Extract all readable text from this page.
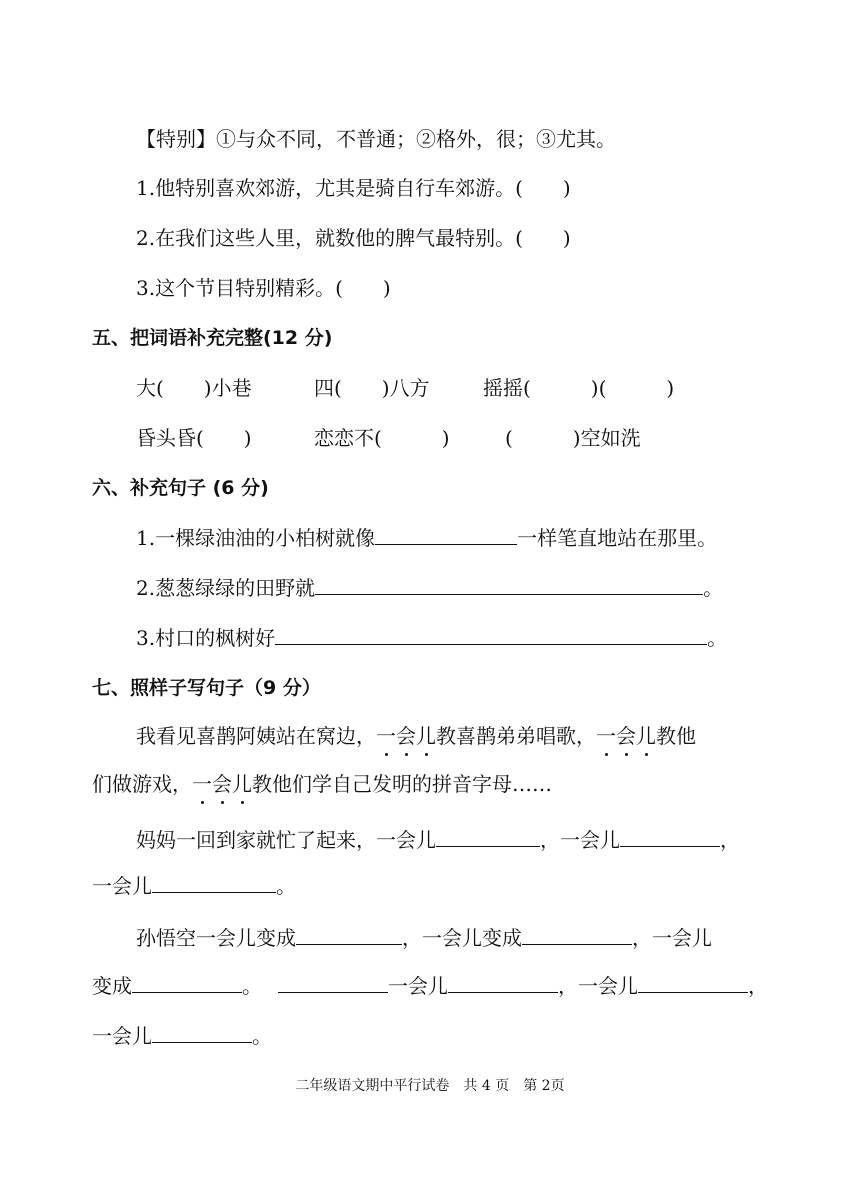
【特别】①与众不同，不普通；②格外，很；③尤其。
1.他特别喜欢郊游，尤其是骑自行车郊游。(　　)
2.在我们这些人里，就数他的脾气最特别。(　　)
3.这个节目特别精彩。(　　)
五、把词语补充完整(12 分)
大(　　)小巷	四(　　)八方	摇摇(　　　)(　　　)
昏头昏(　　)	恋恋不(　　　)	(　　　)空如洗
六、补充句子 (6 分)
1.一棵绿油油的小柏树就像	一样笔直地站在那里。
2.葱葱绿绿的田野就	。
3.村口的枫树好	。
七、照样子写句子（9 分）
我看见喜鹊阿姨站在窝边，一会儿教喜鹊弟弟唱歌，一会儿教他
们做游戏，一会儿教他们学自己发明的拼音字母……
妈妈一回到家就忙了起来，一会儿	，一会儿	，
一会儿	。
孙悟空一会儿变成	，一会儿变成	，一会儿
变成	。	一会儿	，一会儿	，
一会儿	。
二年级语文期中平行试卷　共 4 页　第 2页
